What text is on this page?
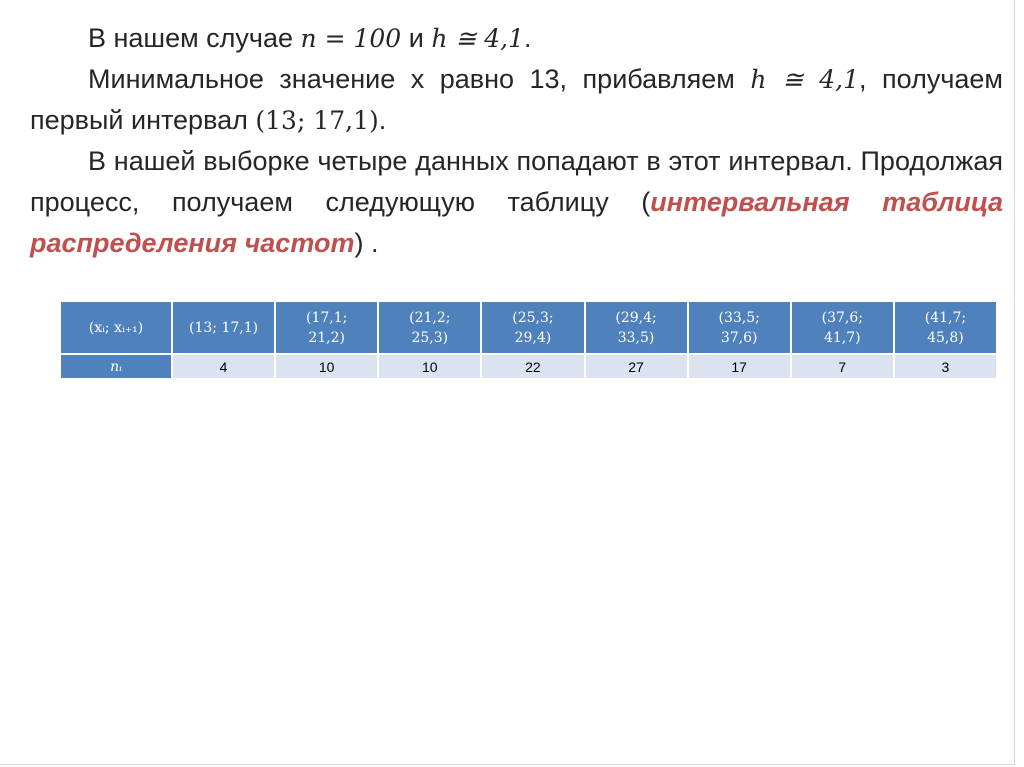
В нашем случае n = 100 и h ≅ 4,1.

Минимальное значение x равно 13, прибавляем h ≅ 4,1, получаем первый интервал (13; 17,1).

В нашей выборке четыре данных попадают в этот интервал. Продолжая процесс, получаем следующую таблицу (интервальная таблица распределения частот) .

(xᵢ; xᵢ₊₁)	(13; 17,1)	(17,1; 21,2)	(21,2; 25,3)	(25,3; 29,4)	(29,4; 33,5)	(33,5; 37,6)	(37,6; 41,7)	(41,7; 45,8)
nᵢ	4	10	10	22	27	17	7	3
